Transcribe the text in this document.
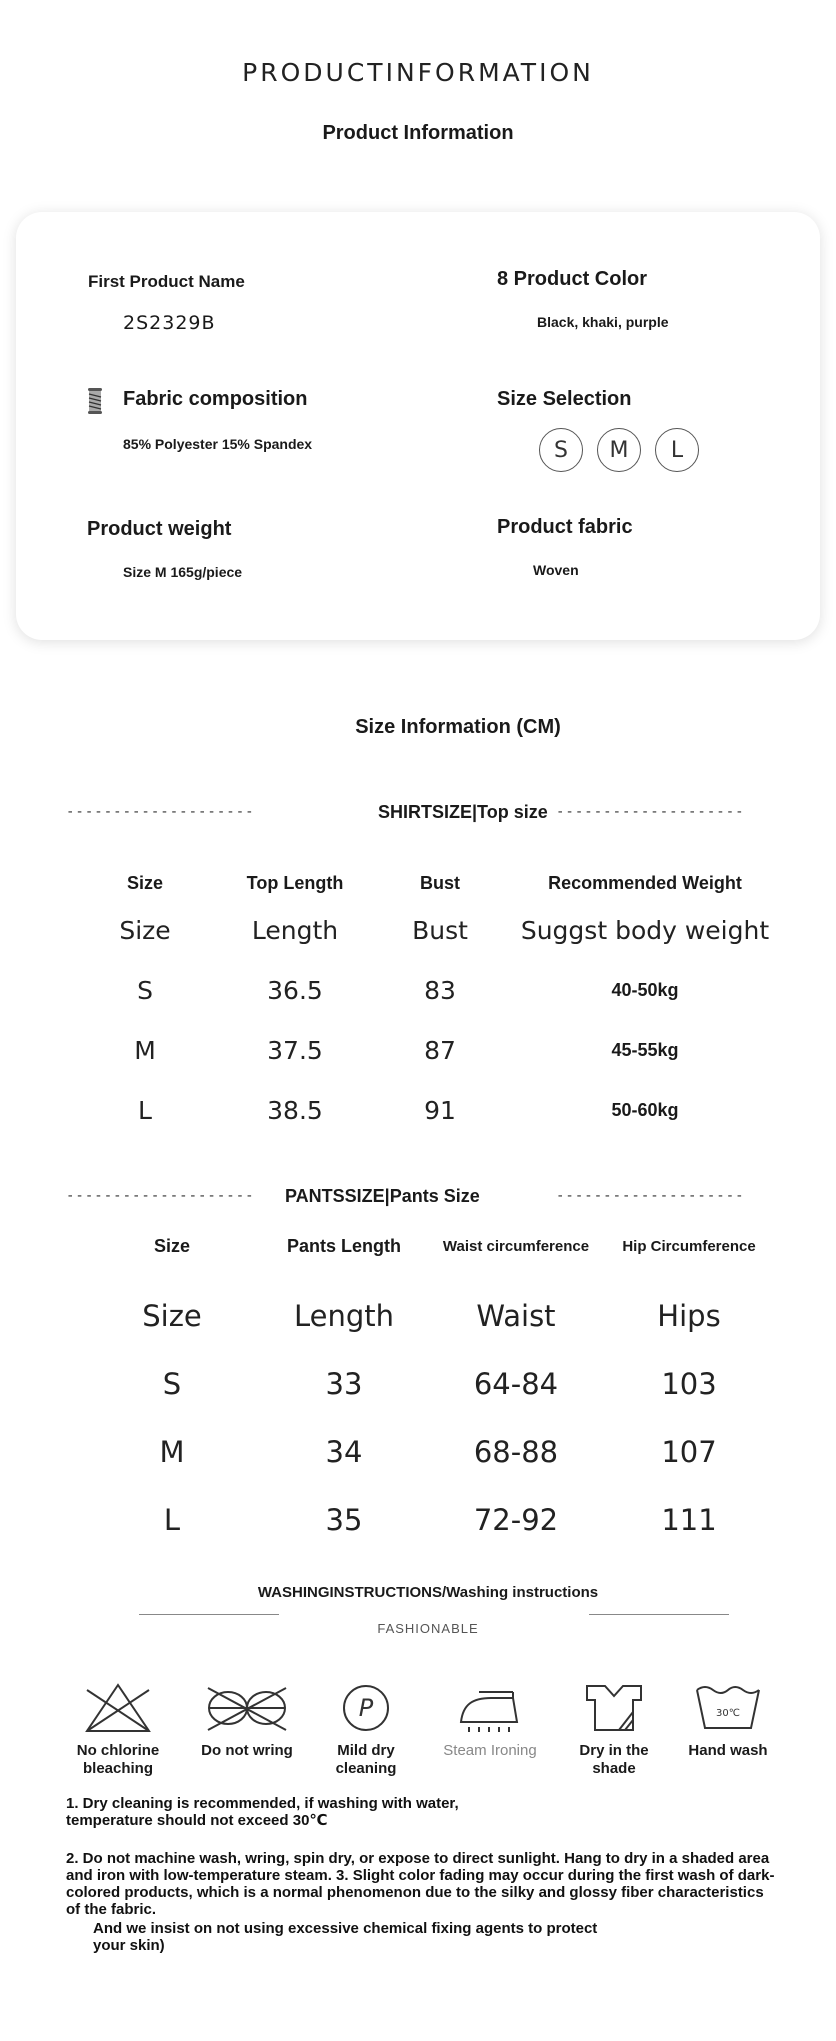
PRODUCTINFORMATION
Product Information
First Product Name
2S2329B
8 Product Color
Black, khaki, purple
Fabric composition
85% Polyester 15% Spandex
Size Selection
S	M	L
Product weight
Size M 165g/piece
Product fabric
Woven
Size Information (CM)
--------------------	SHIRTSIZE|Top size --------------------
Size	Top Length	Bust	Recommended Weight
Size	Length	Bust	Suggst body weight
S	36.5	83	40-50kg
M	37.5	87	45-55kg
L	38.5	91	50-60kg
-------------------- PANTSSIZE|Pants Size	--------------------
Size	Pants Length	Waist circumference	Hip Circumference
Size	Length	Waist	Hips
S	33	64-84	103
M	34	68-88	107
L	35	72-92	111
WASHINGINSTRUCTIONS/Washing instructions
FASHIONABLE
No chlorine bleaching
Do not wring
P
Mild dry cleaning
Steam Ironing	Dry in the shade
30℃
Hand wash
1. Dry cleaning is recommended, if washing with water, temperature should not exceed 30℃
2. Do not machine wash, wring, spin dry, or expose to direct sunlight. Hang to dry in a shaded area and iron with low-temperature steam. 3. Slight color fading may occur during the first wash of dark-colored products, which is a normal phenomenon due to the silky and glossy fiber characteristics of the fabric.
And we insist on not using excessive chemical fixing agents to protect your skin)
